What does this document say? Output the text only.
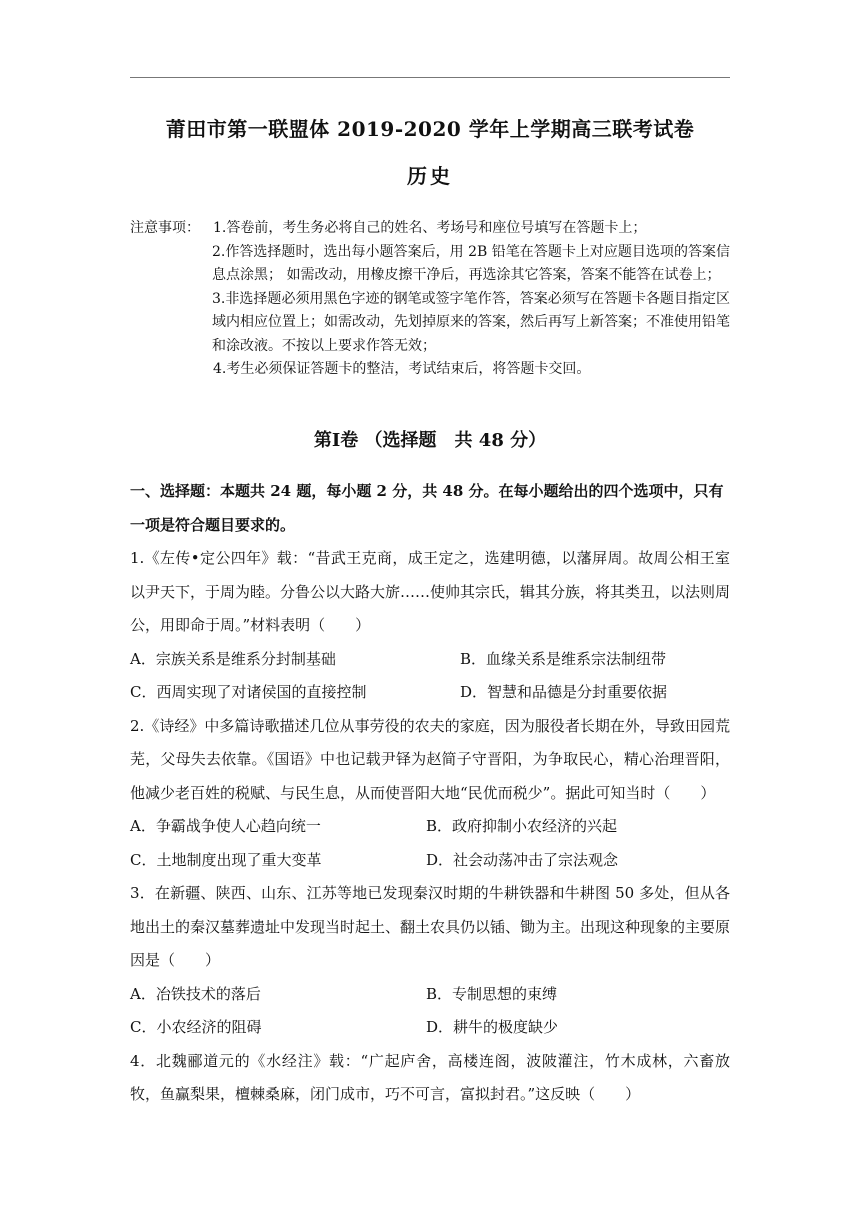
莆田市第一联盟体 2019-2020 学年上学期高三联考试卷
历史
注意事项： 1.答卷前，考生务必将自己的姓名、考场号和座位号填写在答题卡上；
2.作答选择题时，选出每小题答案后，用 2B 铅笔在答题卡上对应题目选项的答案信息点涂黑； 如需改动，用橡皮擦干净后，再选涂其它答案，答案不能答在试卷上；
3.非选择题必须用黑色字迹的钢笔或签字笔作答，答案必须写在答题卡各题目指定区域内相应位置上；如需改动，先划掉原来的答案，然后再写上新答案；不准使用铅笔和涂改液。不按以上要求作答无效；
4.考生必须保证答题卡的整洁，考试结束后，将答题卡交回。
第Ⅰ卷 （选择题　共 48 分）
一、选择题：本题共 24 题，每小题 2 分，共 48 分。在每小题给出的四个选项中，只有一项是符合题目要求的。
1.《左传•定公四年》载：“昔武王克商，成王定之，选建明德，以藩屏周。故周公相王室以尹天下，于周为睦。分鲁公以大路大旂……使帅其宗氏，辑其分族，将其类丑，以法则周公，用即命于周。”材料表明（　　）
A．宗族关系是维系分封制基础	B．血缘关系是维系宗法制纽带
C．西周实现了对诸侯国的直接控制	D．智慧和品德是分封重要依据
2.《诗经》中多篇诗歌描述几位从事劳役的农夫的家庭，因为服役者长期在外，导致田园荒芜，父母失去依靠。《国语》中也记载尹铎为赵简子守晋阳，为争取民心，精心治理晋阳，他减少老百姓的税赋、与民生息，从而使晋阳大地“民优而税少”。据此可知当时（　　）
A．争霸战争使人心趋向统一	B．政府抑制小农经济的兴起
C．土地制度出现了重大变革	D．社会动荡冲击了宗法观念
3．在新疆、陕西、山东、江苏等地已发现秦汉时期的牛耕铁器和牛耕图 50 多处，但从各地出土的秦汉墓葬遗址中发现当时起土、翻土农具仍以锸、锄为主。出现这种现象的主要原因是（　　）
A．冶铁技术的落后	B．专制思想的束缚
C．小农经济的阻碍	D．耕牛的极度缺少
4．北魏郦道元的《水经注》载：“广起庐舍，高楼连阁，波陂灌注，竹木成林，六畜放牧，鱼赢梨果，檀棘桑麻，闭门成市，巧不可言，富拟封君。”这反映（　　）
